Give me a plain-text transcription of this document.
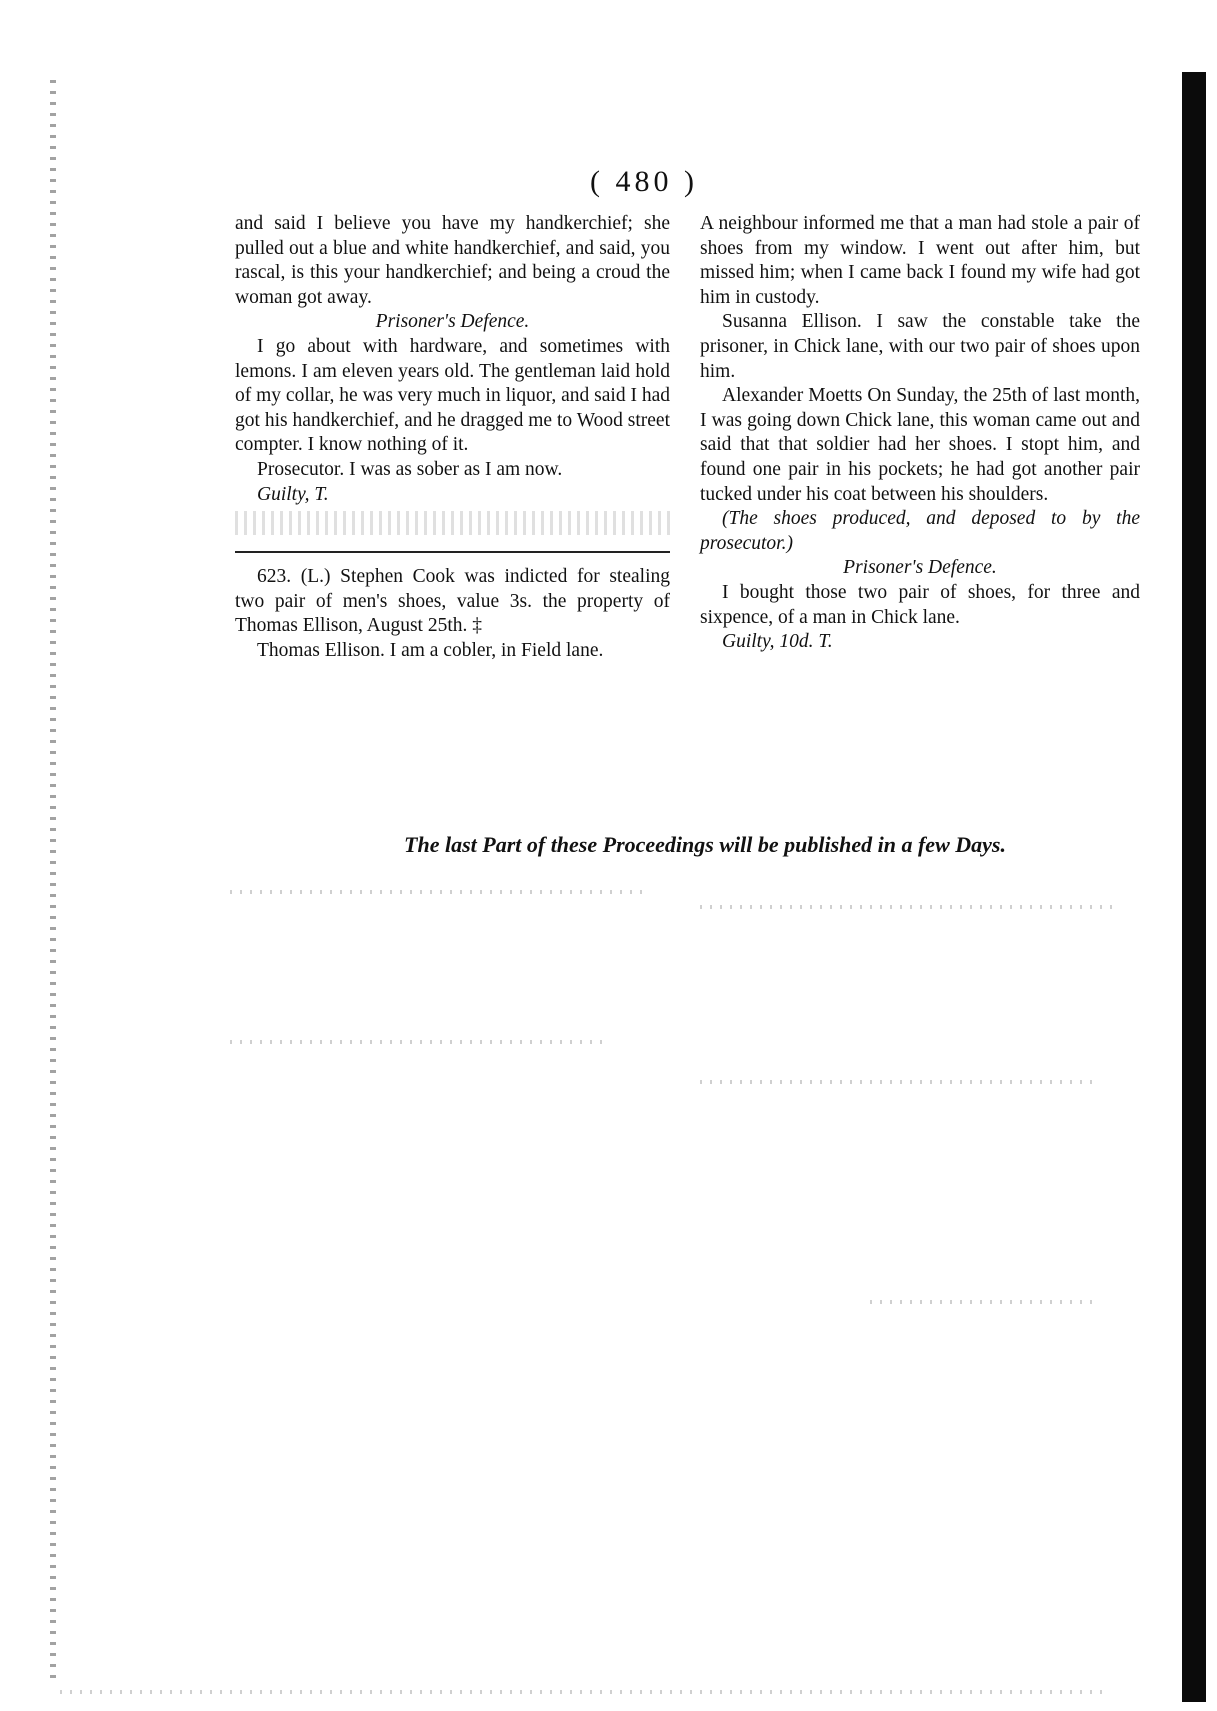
( 480 )

and said I believe you have my handkerchief; she pulled out a blue and white handkerchief, and said, you rascal, is this your handkerchief; and being a croud the woman got away.

Prisoner's Defence.

I go about with hardware, and sometimes with lemons. I am eleven years old. The gentleman laid hold of my collar, he was very much in liquor, and said I had got his handkerchief, and he dragged me to Wood street compter. I know nothing of it.

Prosecutor. I was as sober as I am now.

Guilty, T.

623. (L.) Stephen Cook was indicted for stealing two pair of men's shoes, value 3s. the property of Thomas Ellison, August 25th. ‡

Thomas Ellison. I am a cobler, in Field lane.

A neighbour informed me that a man had stole a pair of shoes from my window. I went out after him, but missed him; when I came back I found my wife had got him in custody.

Susanna Ellison. I saw the constable take the prisoner, in Chick lane, with our two pair of shoes upon him.

Alexander Moetts On Sunday, the 25th of last month, I was going down Chick lane, this woman came out and said that that soldier had her shoes. I stopt him, and found one pair in his pockets; he had got another pair tucked under his coat between his shoulders.

(The shoes produced, and deposed to by the prosecutor.)

Prisoner's Defence.

I bought those two pair of shoes, for three and sixpence, of a man in Chick lane.

Guilty, 10d. T.

The last Part of these Proceedings will be published in a few Days.
